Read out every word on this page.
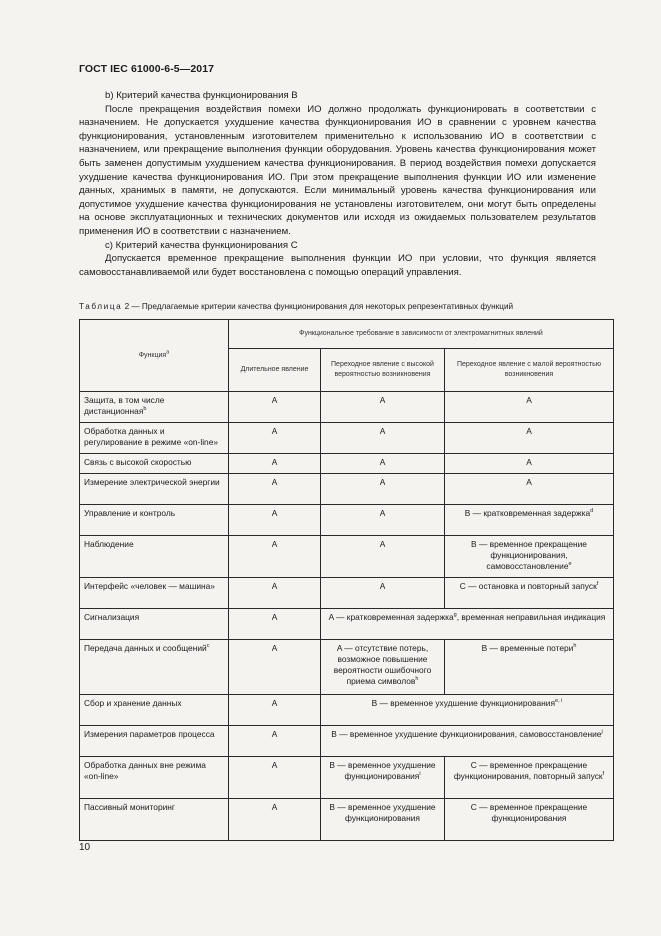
ГОСТ IEC 61000-6-5—2017

b) Критерий качества функционирования В

После прекращения воздействия помехи ИО должно продолжать функционировать в соответствии с назначением. Не допускается ухудшение качества функционирования ИО в сравнении с уровнем качества функционирования, установленным изготовителем применительно к использованию ИО в соответствии с назначением, или прекращение выполнения функции оборудования. Уровень качества функционирования может быть заменен допустимым ухудшением качества функционирования. В период воздействия помехи допускается ухудшение качества функционирования ИО. При этом прекращение выполнения функции ИО или изменение данных, хранимых в памяти, не допускаются. Если минимальный уровень качества функционирования или допустимое ухудшение качества функционирования не установлены изготовителем, они могут быть определены на основе эксплуатационных и технических документов или исходя из ожидаемых пользователем результатов применения ИО в соответствии с назначением.

c) Критерий качества функционирования С

Допускается временное прекращение выполнения функции ИО при условии, что функция является самовосстанавливаемой или будет восстановлена с помощью операций управления.

Таблица 2 — Предлагаемые критерии качества функционирования для некоторых репрезентативных функций
Функция$^a$	Функциональное требование в зависимости от электромагнитных явлений		
	Длительное явление	Переходное явление с высокой вероятностью возникновения	Переходное явление с малой вероятностью возникновения
Защита, в том числе дистанционная$^b$	A	A	A
Обработка данных и регулирование в режиме «on-line»	A	A	A
Связь с высокой скоростью	A	A	A
Измерение электрической энергии	A	A	A
Управление и контроль	A	A	B — кратковременная задержка$^d$
Наблюдение	A	A	B — временное прекращение функционирования, самовосстановление$^e$
Интерфейс «человек — машина»	A	A	C — остановка и повторный запуск$^f$
Сигнализация	A	A — кратковременная задержка$^g$, временная неправильная индикация	
Передача данных и сообщений$^c$	A	A — отсутствие потерь, возможное повышение вероятности ошибочного приема символов$^h$	B — временные потери$^h$
Сбор и хранение данных	A	B — временное ухудшение функционирования$^{e, i}$
Измерения параметров процесса	A	B — временное ухудшение функционирования, самовосстановление$^j$
Обработка данных вне режима «on-line»	A	B — временное ухудшение функционирования$^i$	C — временное прекращение функционирования, повторный запуск$^f$
Пассивный мониторинг	A	B — временное ухудшение функционирования	C — временное прекращение функционирования
10
